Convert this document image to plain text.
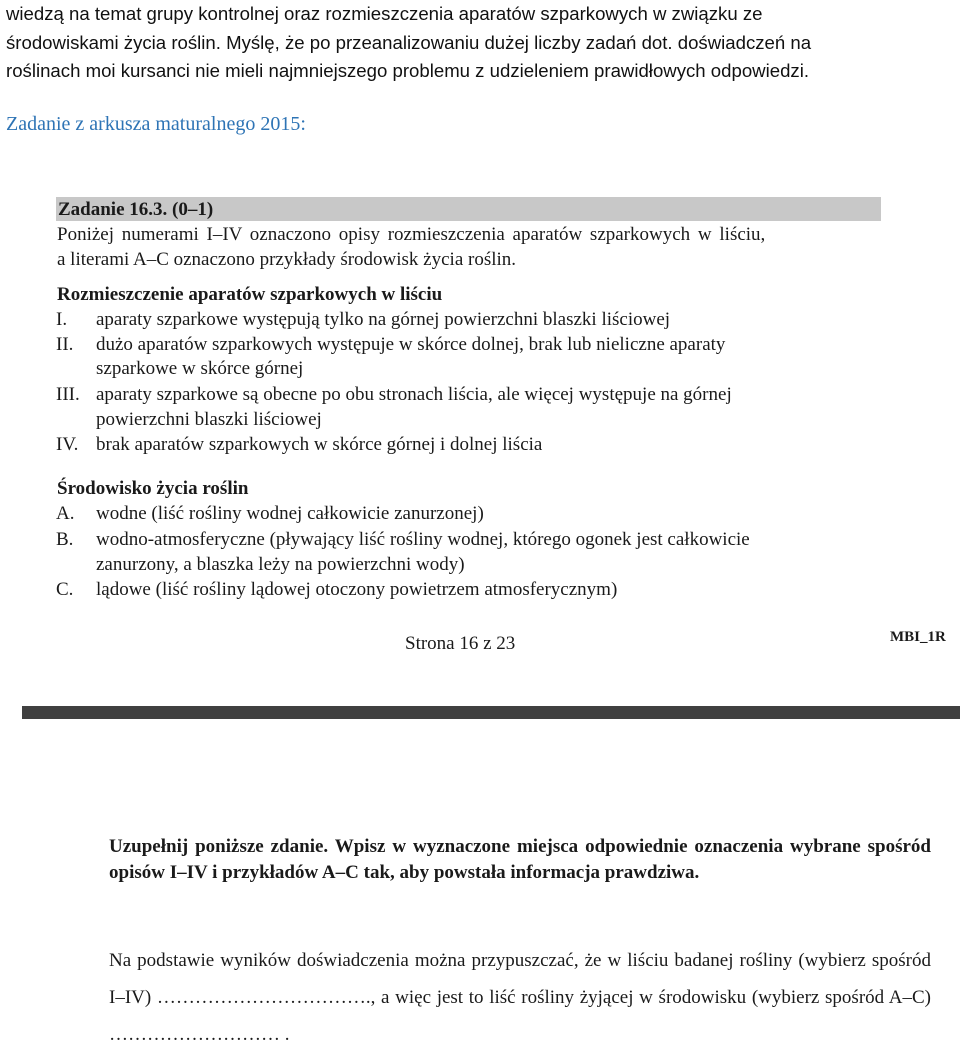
wiedzą na temat grupy kontrolnej oraz rozmieszczenia aparatów szparkowych w związku ze

środowiskami życia roślin. Myślę, że po przeanalizowaniu dużej liczby zadań dot. doświadczeń na

roślinach moi kursanci nie mieli najmniejszego problemu z udzieleniem prawidłowych odpowiedzi.

Zadanie z arkusza maturalnego 2015:
Zadanie 16.3. (0–1)
Poniżej numerami I–IV oznaczono opisy rozmieszczenia aparatów szparkowych w liściu,
a literami A–C oznaczono przykłady środowisk życia roślin.
Rozmieszczenie aparatów szparkowych w liściu
I. aparaty szparkowe występują tylko na górnej powierzchni blaszki liściowej
II. dużo aparatów szparkowych występuje w skórce dolnej, brak lub nieliczne aparaty
szparkowe w skórce górnej
III. aparaty szparkowe są obecne po obu stronach liścia, ale więcej występuje na górnej
powierzchni blaszki liściowej
IV. brak aparatów szparkowych w skórce górnej i dolnej liścia
Środowisko życia roślin
A. wodne (liść rośliny wodnej całkowicie zanurzonej)
B. wodno-atmosferyczne (pływający liść rośliny wodnej, którego ogonek jest całkowicie
zanurzony, a blaszka leży na powierzchni wody)
C. lądowe (liść rośliny lądowej otoczony powietrzem atmosferycznym)
Strona 16 z 23	MBI_1R
Uzupełnij poniższe zdanie. Wpisz w wyznaczone miejsca odpowiednie oznaczenia wybrane spośród opisów I–IV i przykładów A–C tak, aby powstała informacja prawdziwa.
Na podstawie wyników doświadczenia można przypuszczać, że w liściu badanej rośliny (wybierz spośród I–IV) ……………………………., a więc jest to liść rośliny żyjącej w środowisku (wybierz spośród A–C) ……………………… .
